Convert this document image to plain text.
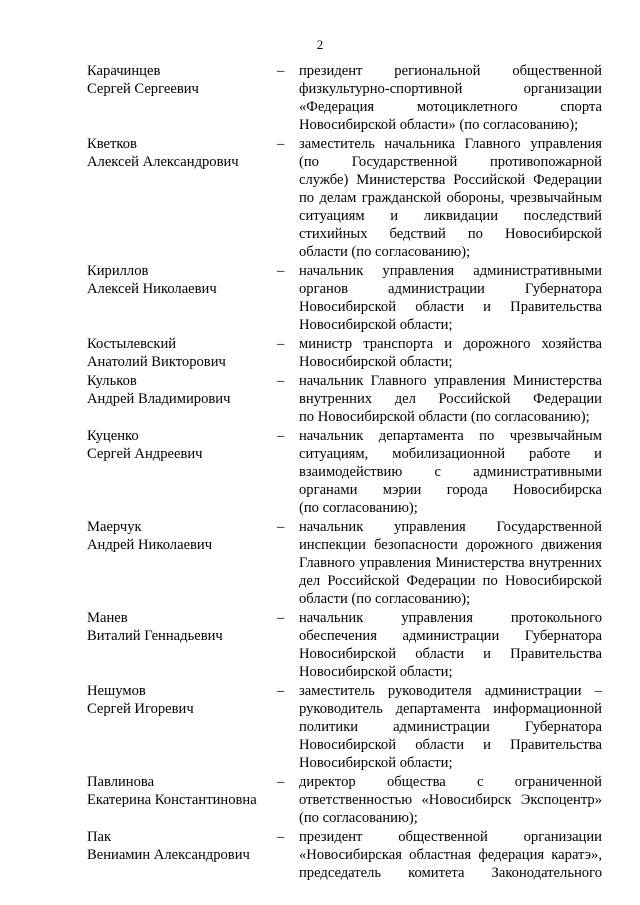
2
Карачинцев
Сергей Сергеевич
–	президент региональной общественной
физкультурно-спортивной организации
«Федерация мотоциклетного спорта
Новосибирской области» (по согласованию);
Кветков
Алексей Александрович
–	заместитель начальника Главного управления
(по Государственной противопожарной
службе) Министерства Российской Федерации
по делам гражданской обороны, чрезвычайным
ситуациям и ликвидации последствий
стихийных бедствий по Новосибирской
области (по согласованию);
Кириллов
Алексей Николаевич
–	начальник управления административными
органов администрации Губернатора
Новосибирской области и Правительства
Новосибирской области;
Костылевский
Анатолий Викторович
–	министр транспорта и дорожного хозяйства
Новосибирской области;
Кульков
Андрей Владимирович
–	начальник Главного управления Министерства
внутренних дел Российской Федерации
по Новосибирской области (по согласованию);
Куценко
Сергей Андреевич
–	начальник департамента по чрезвычайным
ситуациям, мобилизационной работе и
взаимодействию с административными
органами мэрии города Новосибирска
(по согласованию);
Маерчук
Андрей Николаевич
–	начальник управления Государственной
инспекции безопасности дорожного движения
Главного управления Министерства внутренних
дел Российской Федерации по Новосибирской
области (по согласованию);
Манев
Виталий Геннадьевич
–	начальник управления протокольного
обеспечения администрации Губернатора
Новосибирской области и Правительства
Новосибирской области;
Нешумов
Сергей Игоревич
–	заместитель руководителя администрации –
руководитель департамента информационной
политики администрации Губернатора
Новосибирской области и Правительства
Новосибирской области;
Павлинова
Екатерина Константиновна
–	директор общества с ограниченной
ответственностью «Новосибирск Экспоцентр»
(по согласованию);
Пак
Вениамин Александрович
–	президент общественной организации
«Новосибирская областная федерация каратэ»,
председатель комитета Законодательного
